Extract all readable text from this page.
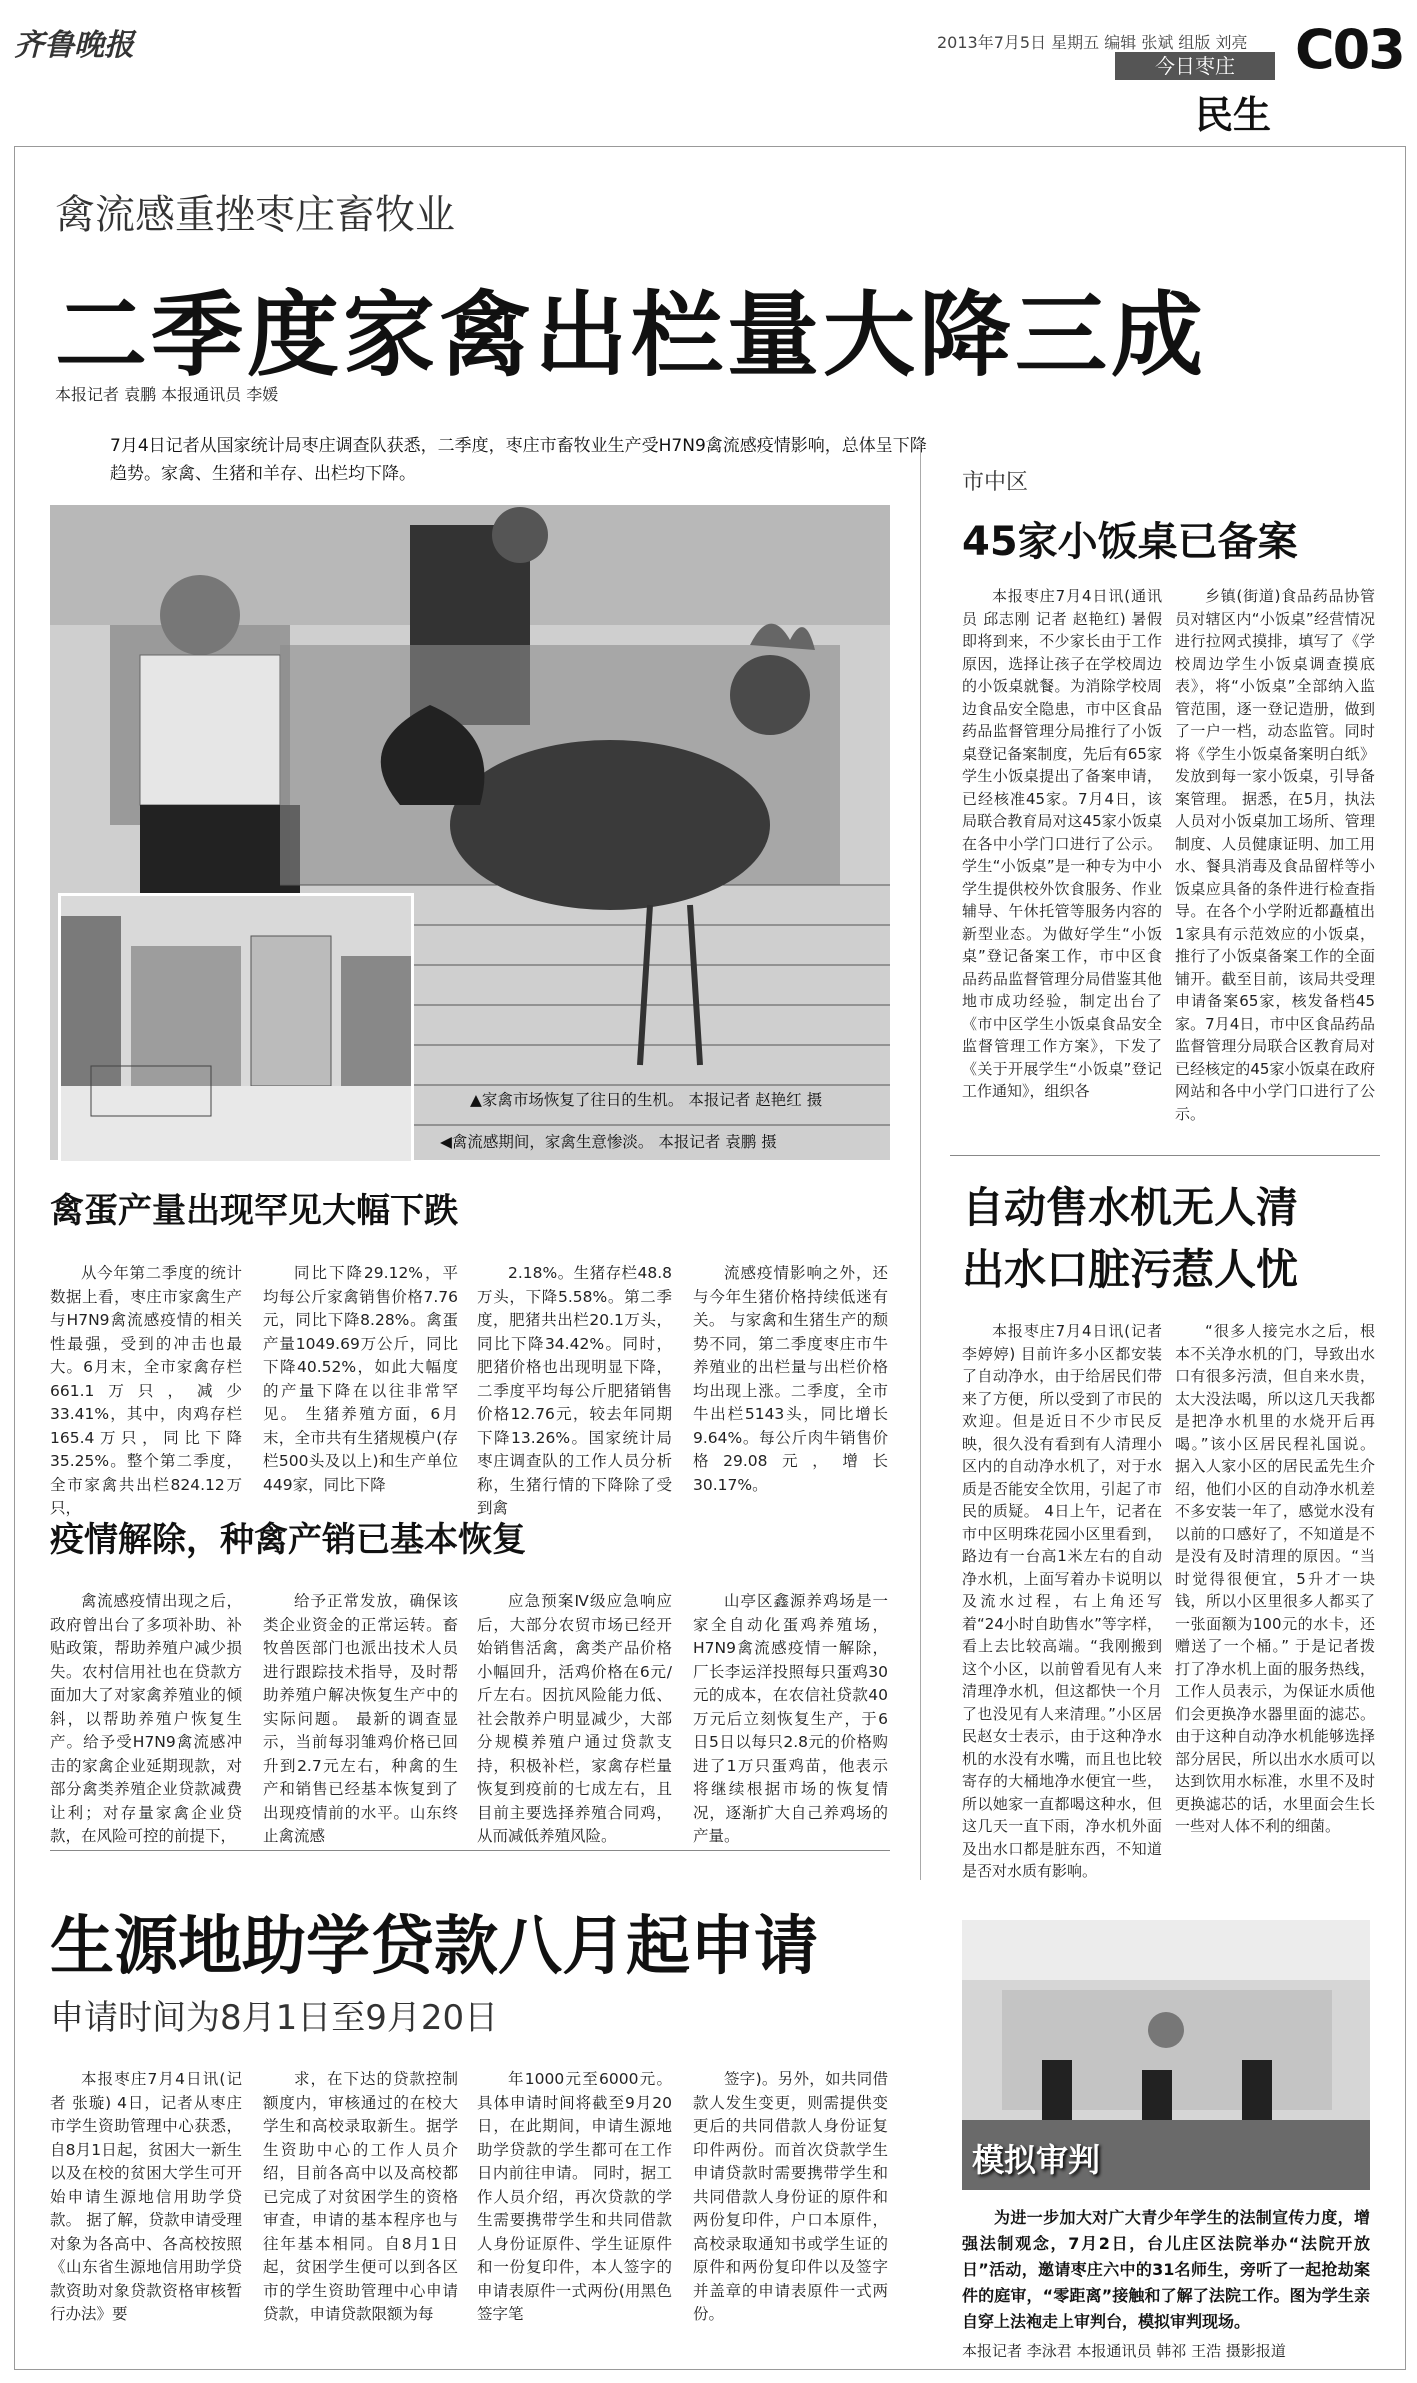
齐鲁晚报	2013年7月5日 星期五 编辑 张斌 组版 刘亮 C03
今日枣庄
民生
禽流感重挫枣庄畜牧业
二季度家禽出栏量大降三成
本报记者 袁鹏 本报通讯员 李媛
7月4日记者从国家统计局枣庄调查队获悉，二季度，枣庄市畜牧业生产受H7N9禽流感疫情影响，总体呈下降趋势。家禽、生猪和羊存、出栏均下降。
▲家禽市场恢复了往日的生机。 本报记者 赵艳红 摄
◀禽流感期间，家禽生意惨淡。 本报记者 袁鹏 摄
禽蛋产量出现罕见大幅下跌

从今年第二季度的统计数据上看，枣庄市家禽生产与H7N9禽流感疫情的相关性最强，受到的冲击也最大。6月末，全市家禽存栏661.1万只，减少33.41%，其中，肉鸡存栏165.4万只，同比下降35.25%。整个第二季度，全市家禽共出栏824.12万只，

同比下降29.12%，平均每公斤家禽销售价格7.76元，同比下降8.28%。禽蛋产量1049.69万公斤，同比下降40.52%，如此大幅度的产量下降在以往非常罕见。 生猪养殖方面，6月末，全市共有生猪规模户(存栏500头及以上)和生产单位449家，同比下降

2.18%。生猪存栏48.8万头，下降5.58%。第二季度，肥猪共出栏20.1万头，同比下降34.42%。同时，肥猪价格也出现明显下降，二季度平均每公斤肥猪销售价格12.76元，较去年同期下降13.26%。国家统计局枣庄调查队的工作人员分析称，生猪行情的下降除了受到禽

流感疫情影响之外，还与今年生猪价格持续低迷有关。 与家禽和生猪生产的颓势不同，第二季度枣庄市牛养殖业的出栏量与出栏价格均出现上涨。二季度，全市牛出栏5143头，同比增长9.64%。每公斤肉牛销售价格29.08元，增长30.17%。

疫情解除，种禽产销已基本恢复

禽流感疫情出现之后，政府曾出台了多项补助、补贴政策，帮助养殖户减少损失。农村信用社也在贷款方面加大了对家禽养殖业的倾斜，以帮助养殖户恢复生产。给予受H7N9禽流感冲击的家禽企业延期现款，对部分禽类养殖企业贷款减费让利；对存量家禽企业贷款，在风险可控的前提下，

给予正常发放，确保该类企业资金的正常运转。畜牧兽医部门也派出技术人员进行跟踪技术指导，及时帮助养殖户解决恢复生产中的实际问题。 最新的调查显示，当前每羽雏鸡价格已回升到2.7元左右，种禽的生产和销售已经基本恢复到了出现疫情前的水平。山东终止禽流感

应急预案Ⅳ级应急响应后，大部分农贸市场已经开始销售活禽，禽类产品价格小幅回升，活鸡价格在6元/斤左右。因抗风险能力低、社会散养户明显减少，大部分规模养殖户通过贷款支持，积极补栏，家禽存栏量恢复到疫前的七成左右，且目前主要选择养殖合同鸡，从而减低养殖风险。

山亭区鑫源养鸡场是一家全自动化蛋鸡养殖场，H7N9禽流感疫情一解除，厂长李运洋投照每只蛋鸡30元的成本，在农信社贷款40万元后立刻恢复生产，于6日5日以每只2.8元的价格购进了1万只蛋鸡苗，他表示将继续根据市场的恢复情况，逐渐扩大自己养鸡场的产量。

生源地助学贷款八月起申请
申请时间为8月1日至9月20日

本报枣庄7月4日讯(记者 张璇) 4日，记者从枣庄市学生资助管理中心获悉，自8月1日起，贫困大一新生以及在校的贫困大学生可开始申请生源地信用助学贷款。 据了解，贷款申请受理对象为各高中、各高校按照《山东省生源地信用助学贷款资助对象贷款资格审核暂行办法》要

求，在下达的贷款控制额度内，审核通过的在校大学生和高校录取新生。据学生资助中心的工作人员介绍，目前各高中以及高校都已完成了对贫困学生的资格审查，申请的基本程序也与往年基本相同。自8月1日起，贫困学生便可以到各区市的学生资助管理中心申请贷款，申请贷款限额为每

年1000元至6000元。具体申请时间将截至9月20日，在此期间，申请生源地助学贷款的学生都可在工作日内前往申请。 同时，据工作人员介绍，再次贷款的学生需要携带学生和共同借款人身份证原件、学生证原件和一份复印件，本人签字的申请表原件一式两份(用黑色签字笔

签字)。另外，如共同借款人发生变更，则需提供变更后的共同借款人身份证复印件两份。而首次贷款学生申请贷款时需要携带学生和共同借款人身份证的原件和两份复印件，户口本原件，高校录取通知书或学生证的原件和两份复印件以及签字并盖章的申请表原件一式两份。

市中区
45家小饭桌已备案

本报枣庄7月4日讯(通讯员 邱志刚 记者 赵艳红) 暑假即将到来，不少家长由于工作原因，选择让孩子在学校周边的小饭桌就餐。为消除学校周边食品安全隐患，市中区食品药品监督管理分局推行了小饭桌登记备案制度，先后有65家学生小饭桌提出了备案申请，已经核准45家。7月4日，该局联合教育局对这45家小饭桌在各中小学门口进行了公示。 学生“小饭桌”是一种专为中小学生提供校外饮食服务、作业辅导、午休托管等服务内容的新型业态。为做好学生“小饭桌”登记备案工作，市中区食品药品监督管理分局借鉴其他地市成功经验，制定出台了《市中区学生小饭桌食品安全监督管理工作方案》，下发了《关于开展学生“小饭桌”登记工作通知》，组织各

乡镇(街道)食品药品协管员对辖区内“小饭桌”经营情况进行拉网式摸排，填写了《学校周边学生小饭桌调查摸底表》，将“小饭桌”全部纳入监管范围，逐一登记造册，做到了一户一档，动态监管。同时将《学生小饭桌备案明白纸》发放到每一家小饭桌，引导备案管理。 据悉，在5月，执法人员对小饭桌加工场所、管理制度、人员健康证明、加工用水、餐具消毒及食品留样等小饭桌应具备的条件进行检查指导。在各个小学附近都矗植出1家具有示范效应的小饭桌，推行了小饭桌备案工作的全面铺开。截至目前，该局共受理申请备案65家，核发备档45家。7月4日，市中区食品药品监督管理分局联合区教育局对已经核定的45家小饭桌在政府网站和各中小学门口进行了公示。

自动售水机无人清
出水口脏污惹人忧

本报枣庄7月4日讯(记者 李婷婷) 目前许多小区都安装了自动净水，由于给居民们带来了方便，所以受到了市民的欢迎。但是近日不少市民反映，很久没有看到有人清理小区内的自动净水机了，对于水质是否能安全饮用，引起了市民的质疑。 4日上午，记者在市中区明珠花园小区里看到，路边有一台高1米左右的自动净水机，上面写着办卡说明以及流水过程，右上角还写着“24小时自助售水”等字样，看上去比较高端。“我刚搬到这个小区，以前曾看见有人来清理净水机，但这都快一个月了也没见有人来清理。”小区居民赵女士表示，由于这种净水机的水没有水嘴，而且也比较寄存的大桶地净水便宜一些，所以她家一直都喝这种水，但这几天一直下雨，净水机外面及出水口都是脏东西，不知道是否对水质有影响。

“很多人接完水之后，根本不关净水机的门，导致出水口有很多污渍，但自来水贵，太大没法喝，所以这几天我都是把净水机里的水烧开后再喝。”该小区居民程礼国说。 据入人家小区的居民孟先生介绍，他们小区的自动净水机差不多安装一年了，感觉水没有以前的口感好了，不知道是不是没有及时清理的原因。“当时觉得很便宜，5升才一块钱，所以小区里很多人都买了一张面额为100元的水卡，还赠送了一个桶。” 于是记者拨打了净水机上面的服务热线，工作人员表示，为保证水质他们会更换净水器里面的滤芯。由于这种自动净水机能够选择部分居民，所以出水水质可以达到饮用水标准，水里不及时更换滤芯的话，水里面会生长一些对人体不利的细菌。

模拟审判
为进一步加大对广大青少年学生的法制宣传力度，增强法制观念，7月2日，台儿庄区法院举办“法院开放日”活动，邀请枣庄六中的31名师生，旁听了一起抢劫案件的庭审，“零距离”接触和了解了法院工作。图为学生亲自穿上法袍走上审判台，模拟审判现场。
本报记者 李泳君 本报通讯员 韩祁 王浩 摄影报道
